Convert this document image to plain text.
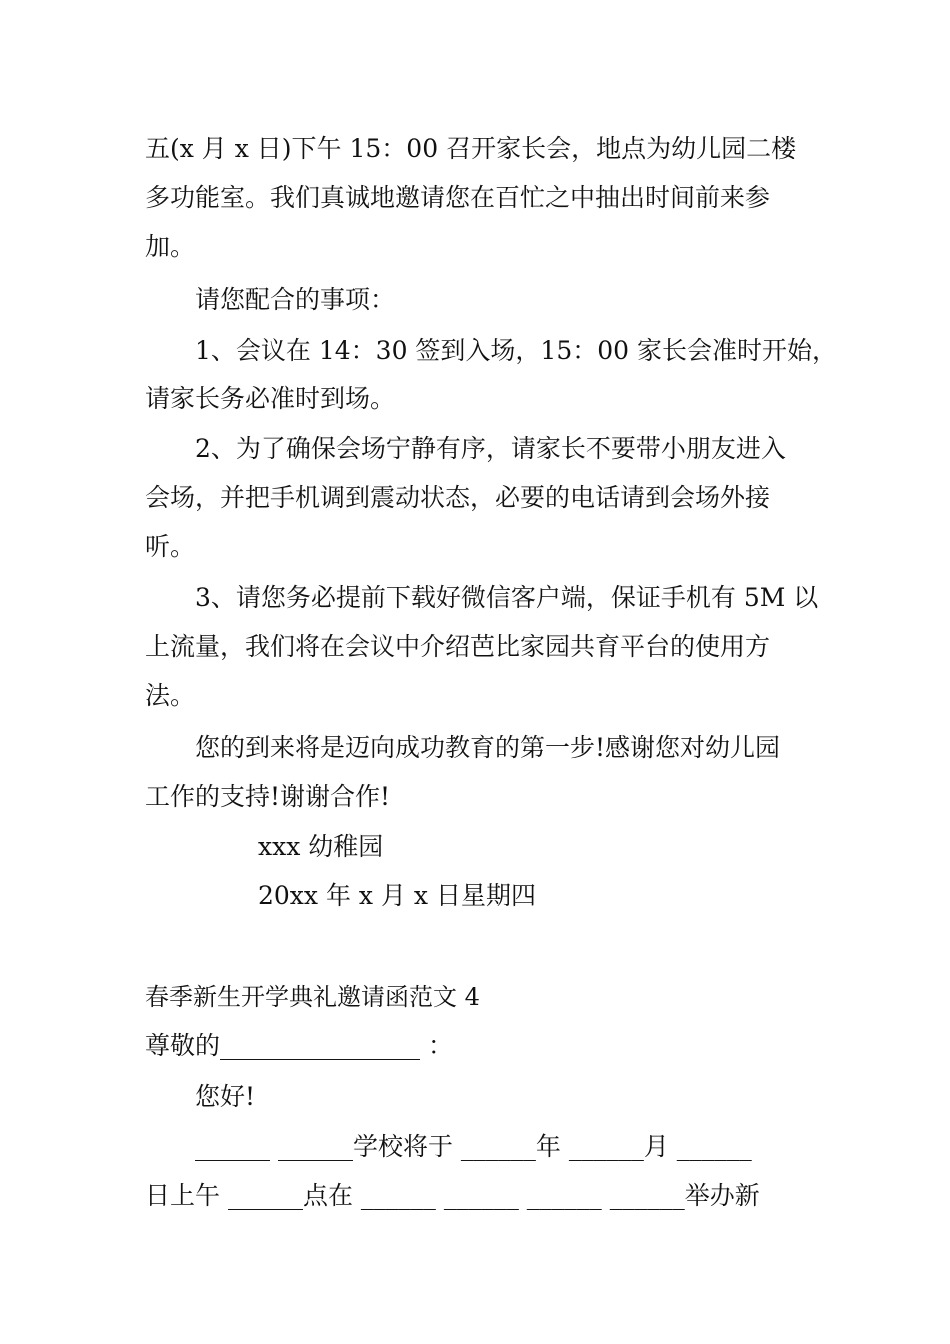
五(x 月 x 日)下午 15：00 召开家长会，地点为幼儿园二楼
多功能室。我们真诚地邀请您在百忙之中抽出时间前来参
加。
请您配合的事项：
1、会议在 14：30 签到入场，15：00 家长会准时开始，
请家长务必准时到场。
2、为了确保会场宁静有序，请家长不要带小朋友进入
会场，并把手机调到震动状态，必要的电话请到会场外接
听。
3、请您务必提前下载好微信客户端，保证手机有 5M 以
上流量，我们将在会议中介绍芭比家园共育平台的使用方
法。
您的到来将是迈向成功教育的第一步!感谢您对幼儿园
工作的支持!谢谢合作!
xxx 幼稚园
20xx 年 x 月 x 日星期四
春季新生开学典礼邀请函范文 4
尊敬的________________ ：
您好!
______ ______学校将于 ______年 ______月 ______
日上午 ______点在 ______ ______ ______ ______举办新
